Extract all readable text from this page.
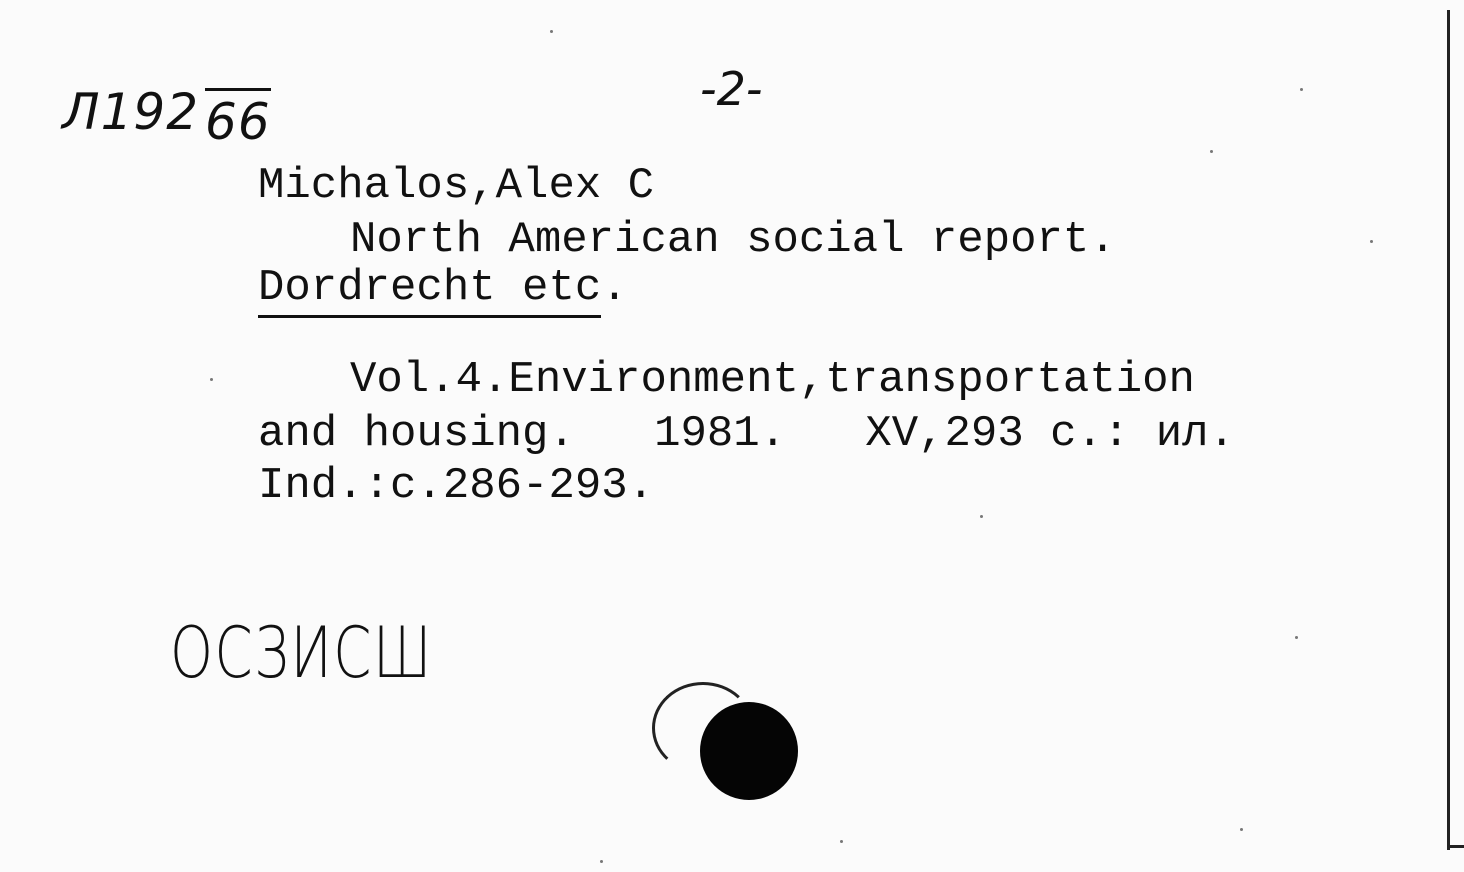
Л192 66
-2-
Michalos,Alex C
North American social report.
Dordrecht etc.
Vol.4.Environment,transportation
and housing.   1981.   XV,293 c.: ил.
Ind.:c.286-293.
ОСЗИСШ
